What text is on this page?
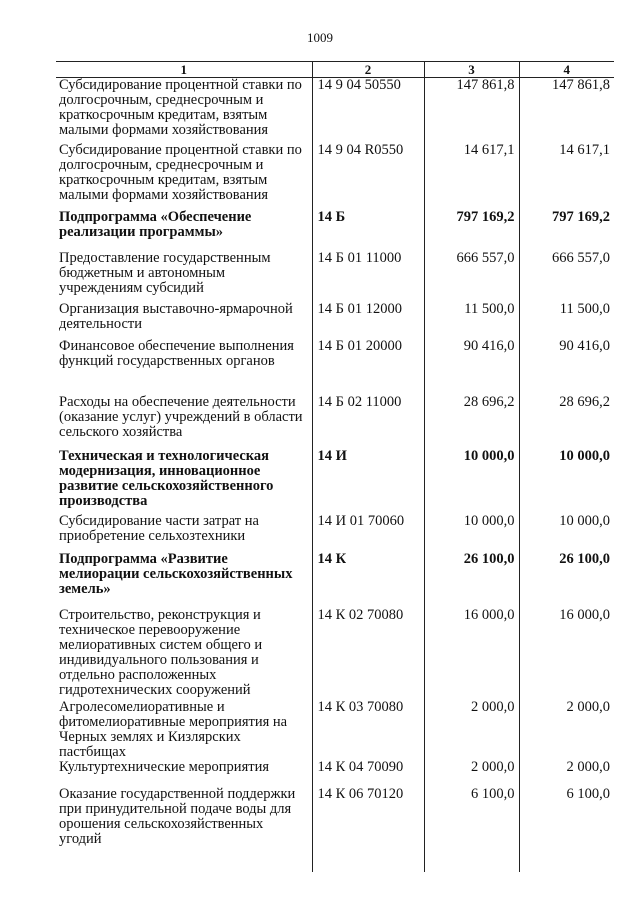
1009
1	2	3	4
Субсидирование процентной ставки по долгосрочным, среднесрочным и краткосрочным кредитам, взятым малыми формами хозяйствования	14 9 04 50550	147 861,8	147 861,8
Субсидирование процентной ставки по долгосрочным, среднесрочным и краткосрочным кредитам, взятым малыми формами хозяйствования	14 9 04 R0550	14 617,1	14 617,1
Подпрограмма «Обеспечение реализации программы»	14 Б	797 169,2	797 169,2
Предоставление государственным бюджетным и автономным учреждениям субсидий	14 Б 01 11000	666 557,0	666 557,0
Организация выставочно-ярмарочной деятельности	14 Б 01 12000	11 500,0	11 500,0
Финансовое обеспечение выполнения функций государственных органов	14 Б 01 20000	90 416,0	90 416,0
Расходы на обеспечение деятельности (оказание услуг) учреждений в области сельского хозяйства	14 Б 02 11000	28 696,2	28 696,2
Техническая и технологическая модернизация, инновационное развитие сельскохозяйственного производства	14 И	10 000,0	10 000,0
Субсидирование части затрат на приобретение сельхозтехники	14 И 01 70060	10 000,0	10 000,0
Подпрограмма «Развитие мелиорации сельскохозяйственных земель»	14 К	26 100,0	26 100,0
Строительство, реконструкция и техническое перевооружение мелиоративных систем общего и индивидуального пользования и отдельно расположенных гидротехнических сооружений	14 К 02 70080	16 000,0	16 000,0
Агролесомелиоративные и фитомелиоративные мероприятия на Черных землях и Кизлярских пастбищах	14 К 03 70080	2 000,0	2 000,0
Культуртехнические мероприятия	14 К 04 70090	2 000,0	2 000,0
Оказание государственной поддержки при принудительной подаче воды для орошения сельскохозяйственных угодий	14 К 06 70120	6 100,0	6 100,0
